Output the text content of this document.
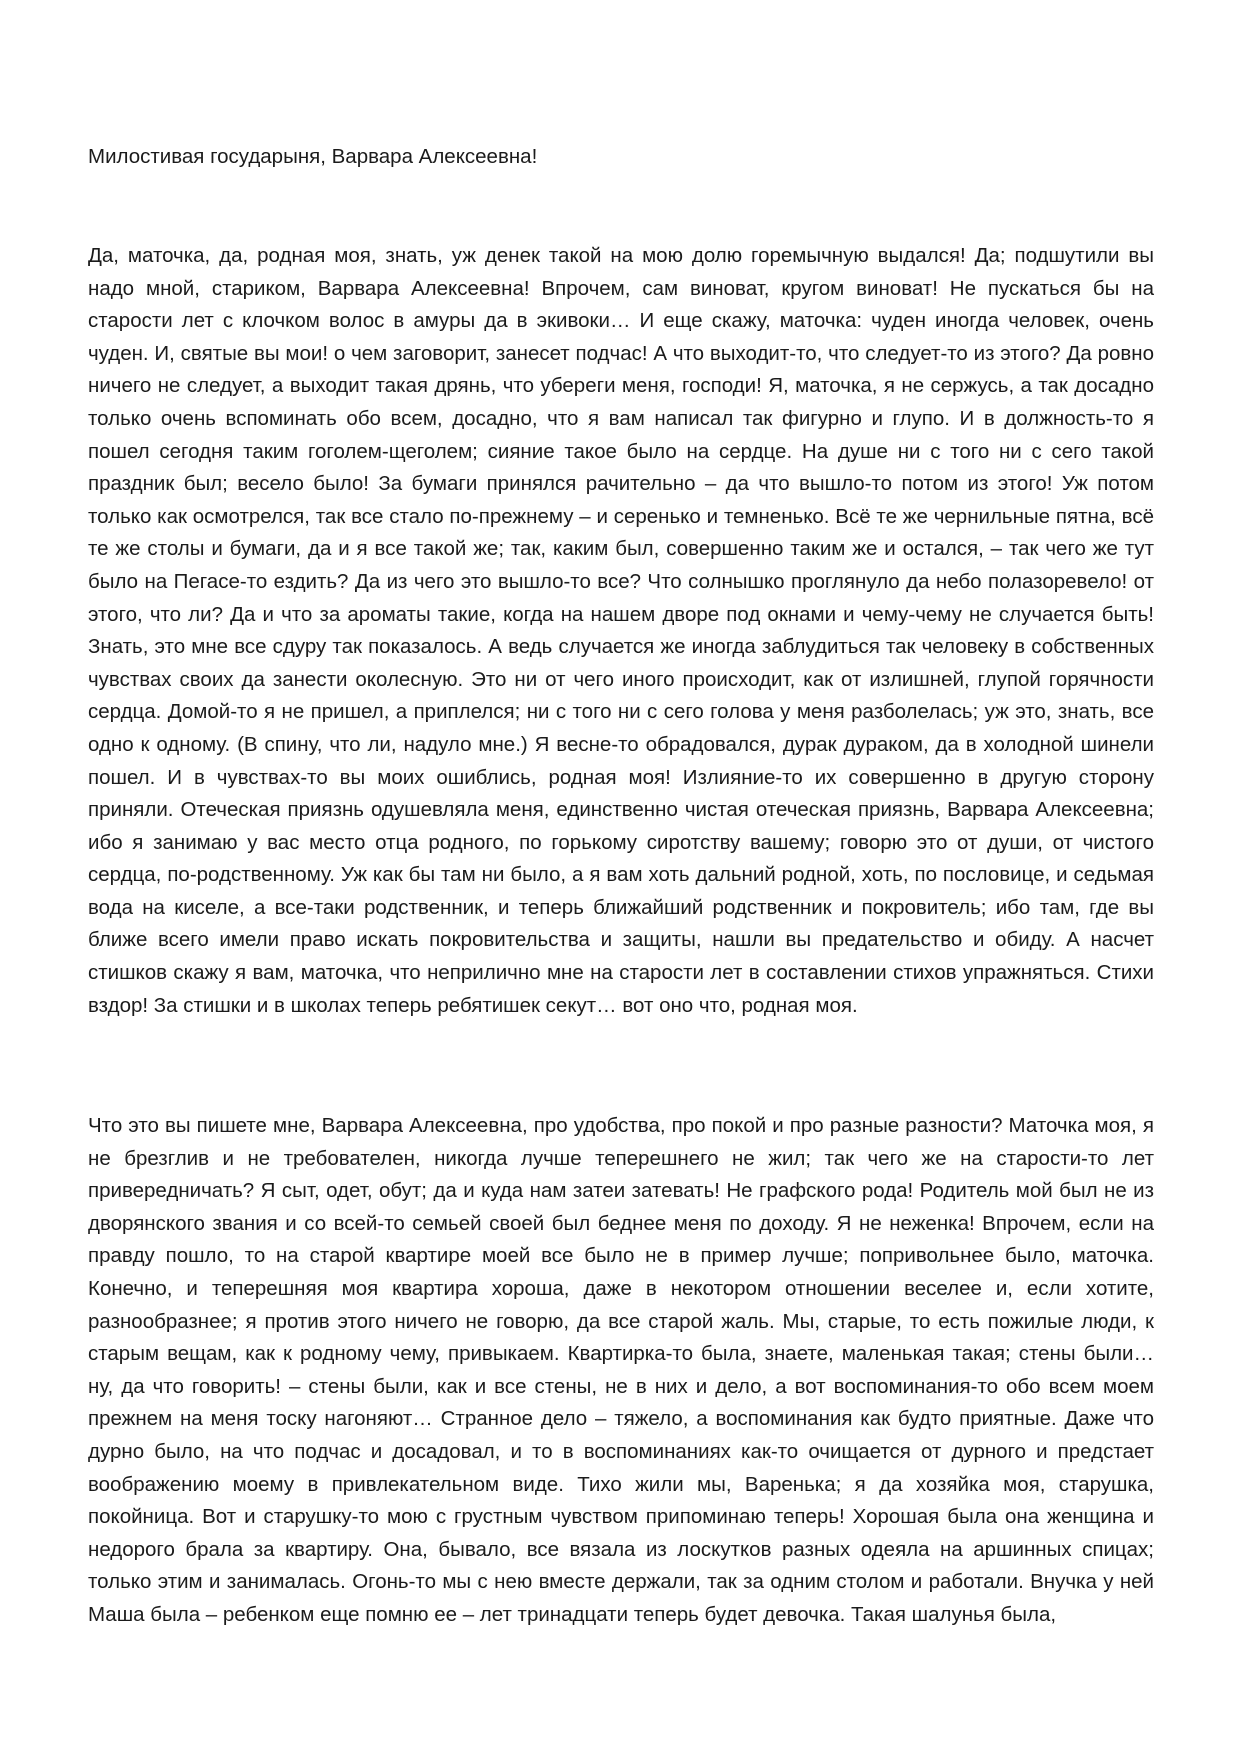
Милостивая государыня, Варвара Алексеевна!

Да, маточка, да, родная моя, знать, уж денек такой на мою долю горемычную выдался! Да; подшутили вы надо мной, стариком, Варвара Алексеевна! Впрочем, сам виноват, кругом виноват! Не пускаться бы на старости лет с клочком волос в амуры да в экивоки… И еще скажу, маточка: чуден иногда человек, очень чуден. И, святые вы мои! о чем заговорит, занесет подчас! А что выходит-то, что следует-то из этого? Да ровно ничего не следует, а выходит такая дрянь, что убереги меня, господи! Я, маточка, я не сержусь, а так досадно только очень вспоминать обо всем, досадно, что я вам написал так фигурно и глупо. И в должность-то я пошел сегодня таким гоголем-щеголем; сияние такое было на сердце. На душе ни с того ни с сего такой праздник был; весело было! За бумаги принялся рачительно – да что вышло-то потом из этого! Уж потом только как осмотрелся, так все стало по-прежнему – и серенько и темненько. Всё те же чернильные пятна, всё те же столы и бумаги, да и я все такой же; так, каким был, совершенно таким же и остался, – так чего же тут было на Пегасе-то ездить? Да из чего это вышло-то все? Что солнышко проглянуло да небо полазоревело! от этого, что ли? Да и что за ароматы такие, когда на нашем дворе под окнами и чему-чему не случается быть! Знать, это мне все сдуру так показалось. А ведь случается же иногда заблудиться так человеку в собственных чувствах своих да занести околесную. Это ни от чего иного происходит, как от излишней, глупой горячности сердца. Домой-то я не пришел, а приплелся; ни с того ни с сего голова у меня разболелась; уж это, знать, все одно к одному. (В спину, что ли, надуло мне.) Я весне-то обрадовался, дурак дураком, да в холодной шинели пошел. И в чувствах-то вы моих ошиблись, родная моя! Излияние-то их совершенно в другую сторону приняли. Отеческая приязнь одушевляла меня, единственно чистая отеческая приязнь, Варвара Алексеевна; ибо я занимаю у вас место отца родного, по горькому сиротству вашему; говорю это от души, от чистого сердца, по-родственному. Уж как бы там ни было, а я вам хоть дальний родной, хоть, по пословице, и седьмая вода на киселе, а все-таки родственник, и теперь ближайший родственник и покровитель; ибо там, где вы ближе всего имели право искать покровительства и защиты, нашли вы предательство и обиду. А насчет стишков скажу я вам, маточка, что неприлично мне на старости лет в составлении стихов упражняться. Стихи вздор! За стишки и в школах теперь ребятишек секут… вот оно что, родная моя.

Что это вы пишете мне, Варвара Алексеевна, про удобства, про покой и про разные разности? Маточка моя, я не брезглив и не требователен, никогда лучше теперешнего не жил; так чего же на старости-то лет привередничать? Я сыт, одет, обут; да и куда нам затеи затевать! Не графского рода! Родитель мой был не из дворянского звания и со всей-то семьей своей был беднее меня по доходу. Я не неженка! Впрочем, если на правду пошло, то на старой квартире моей все было не в пример лучше; попривольнее было, маточка. Конечно, и теперешняя моя квартира хороша, даже в некотором отношении веселее и, если хотите, разнообразнее; я против этого ничего не говорю, да все старой жаль. Мы, старые, то есть пожилые люди, к старым вещам, как к родному чему, привыкаем. Квартирка-то была, знаете, маленькая такая; стены были… ну, да что говорить! – стены были, как и все стены, не в них и дело, а вот воспоминания-то обо всем моем прежнем на меня тоску нагоняют… Странное дело – тяжело, а воспоминания как будто приятные. Даже что дурно было, на что подчас и досадовал, и то в воспоминаниях как-то очищается от дурного и предстает воображению моему в привлекательном виде. Тихо жили мы, Варенька; я да хозяйка моя, старушка, покойница. Вот и старушку-то мою с грустным чувством припоминаю теперь! Хорошая была она женщина и недорого брала за квартиру. Она, бывало, все вязала из лоскутков разных одеяла на аршинных спицах; только этим и занималась. Огонь-то мы с нею вместе держали, так за одним столом и работали. Внучка у ней Маша была – ребенком еще помню ее – лет тринадцати теперь будет девочка. Такая шалунья была,
